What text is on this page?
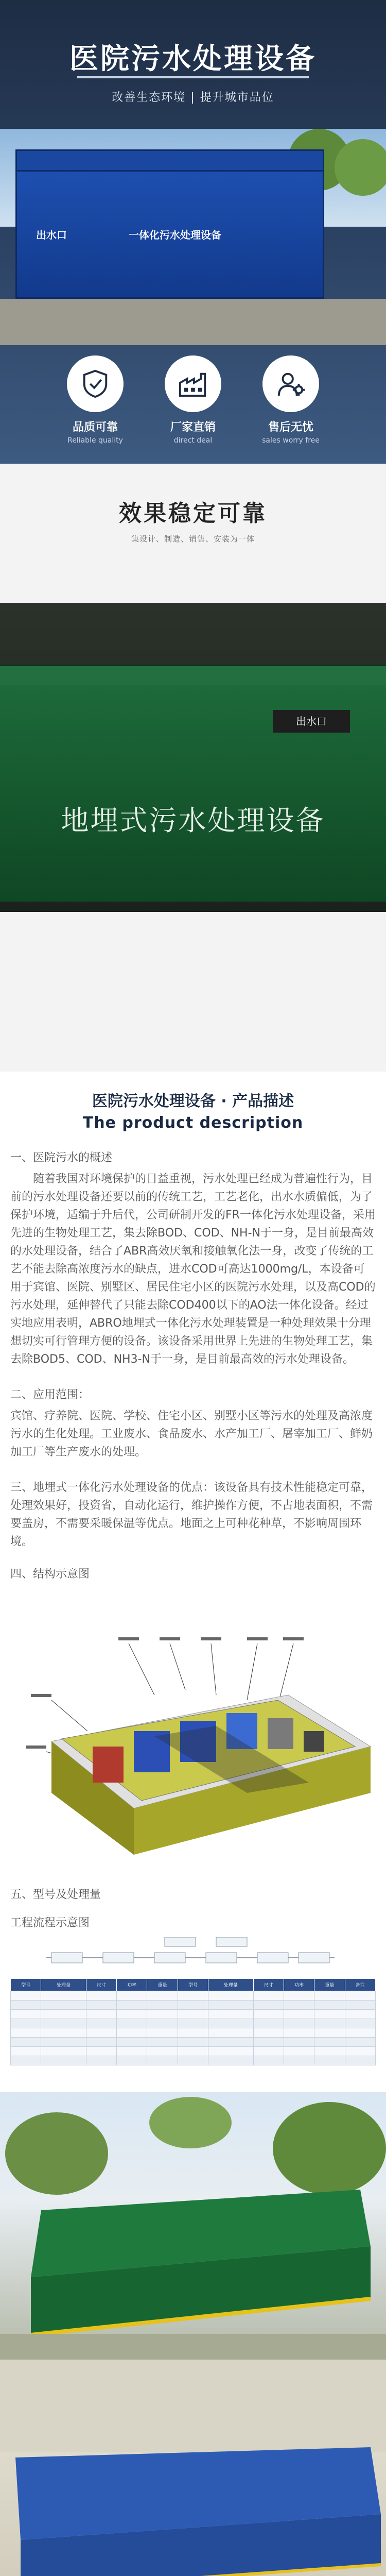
医院污水处理设备
改善生态环境 | 提升城市品位
出水口	一体化污水处理设备
品质可靠
Reliable quality
厂家直销
direct deal
售后无忧
sales worry free
效果稳定可靠
集设计、制造、销售、安装为一体
出水口
地埋式污水处理设备
医院污水处理设备 · 产品描述
The product description

一、医院污水的概述

随着我国对环境保护的日益重视，污水处理已经成为普遍性行为，目前的污水处理设备还要以前的传统工艺，工艺老化，出水水质偏低，为了保护环境，适编于升后代，公司研制开发的FR一体化污水处理设备，采用先进的生物处理工艺，集去除BOD、COD、NH-N于一身，是目前最高效的水处理设备，结合了ABR高效厌氧和接触氧化法一身，改变了传统的工艺不能去除高浓度污水的缺点，进水COD可高达1000mg/L，本设备可用于宾馆、医院、别墅区、居民住宅小区的医院污水处理，以及高COD的污水处理，延伸替代了只能去除COD400以下的AO法一体化设备。经过实地应用表明，ABRO地埋式一体化污水处理装置是一种处理效果十分理想切实可行管理方便的设备。该设备采用世界上先进的生物处理工艺，集去除BOD5、COD、NH3-N于一身，是目前最高效的污水处理设备。

二、应用范围：

宾馆、疗养院、医院、学校、住宅小区、别墅小区等污水的处理及高浓度污水的生化处理。工业废水、食品废水、水产加工厂、屠宰加工厂、鲜奶加工厂等生产废水的处理。

三、地埋式一体化污水处理设备的优点：

该设备具有技术性能稳定可靠，处理效果好，投资省，自动化运行，维护操作方便，不占地表面积，不需要盖房，不需要采暖保温等优点。地面之上可种花种草，不影响周围环境。

四、结构示意图

五、型号及处理量
工程流程示意图
型号	处理量	尺寸	功率	重量	型号	处理量	尺寸	功率	重量	备注
